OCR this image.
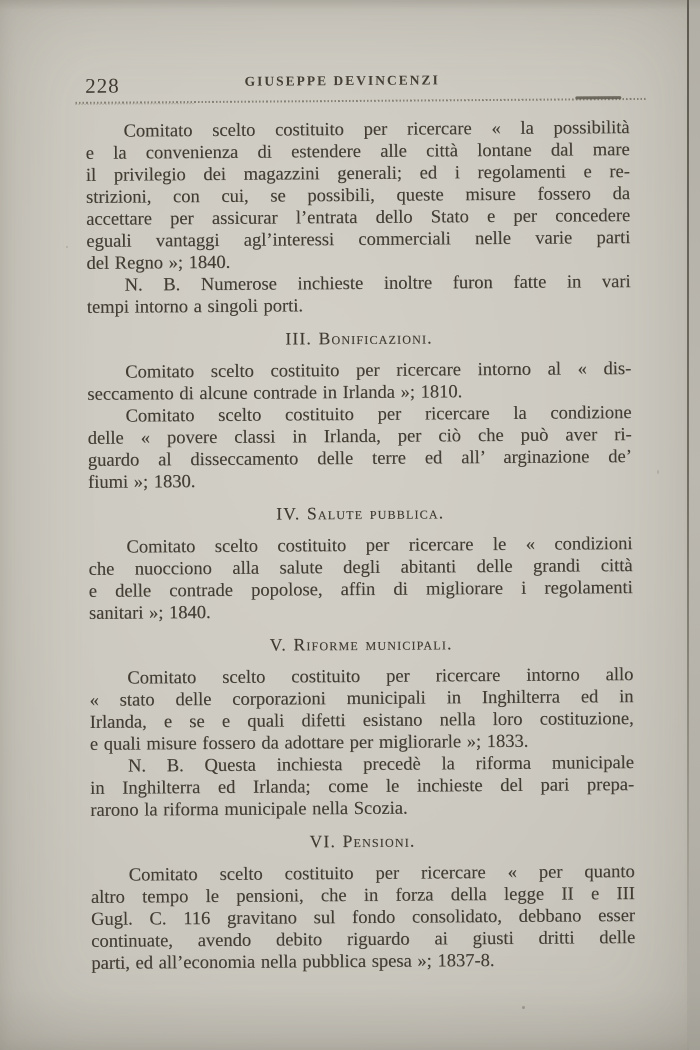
228	GIUSEPPE DEVINCENZI
Comitato scelto costituito per ricercare « la possibilità
e la convenienza di estendere alle città lontane dal mare
il privilegio dei magazzini generali; ed i regolamenti e re-
strizioni, con cui, se possibili, queste misure fossero da
accettare per assicurar l’entrata dello Stato e per concedere
eguali vantaggi agl’interessi commerciali nelle varie parti
del Regno »; 1840.
N. B. Numerose inchieste inoltre furon fatte in vari
tempi intorno a singoli porti.
III. Bonificazioni.
Comitato scelto costituito per ricercare intorno al « dis-
seccamento di alcune contrade in Irlanda »; 1810.
Comitato scelto costituito per ricercare la condizione
delle « povere classi in Irlanda, per ciò che può aver ri-
guardo al disseccamento delle terre ed all’ arginazione de’
fiumi »; 1830.
IV. Salute pubblica.
Comitato scelto costituito per ricercare le « condizioni
che nuocciono alla salute degli abitanti delle grandi città
e delle contrade popolose, affin di migliorare i regolamenti
sanitari »; 1840.
V. Riforme municipali.
Comitato scelto costituito per ricercare intorno allo
« stato delle corporazioni municipali in Inghilterra ed in
Irlanda, e se e quali difetti esistano nella loro costituzione,
e quali misure fossero da adottare per migliorarle »; 1833.
N. B. Questa inchiesta precedè la riforma municipale
in Inghilterra ed Irlanda; come le inchieste del pari prepa-
rarono la riforma municipale nella Scozia.
VI. Pensioni.
Comitato scelto costituito per ricercare « per quanto
altro tempo le pensioni, che in forza della legge II e III
Gugl. C. 116 gravitano sul fondo consolidato, debbano esser
continuate, avendo debito riguardo ai giusti dritti delle
parti, ed all’economia nella pubblica spesa »; 1837-8.
